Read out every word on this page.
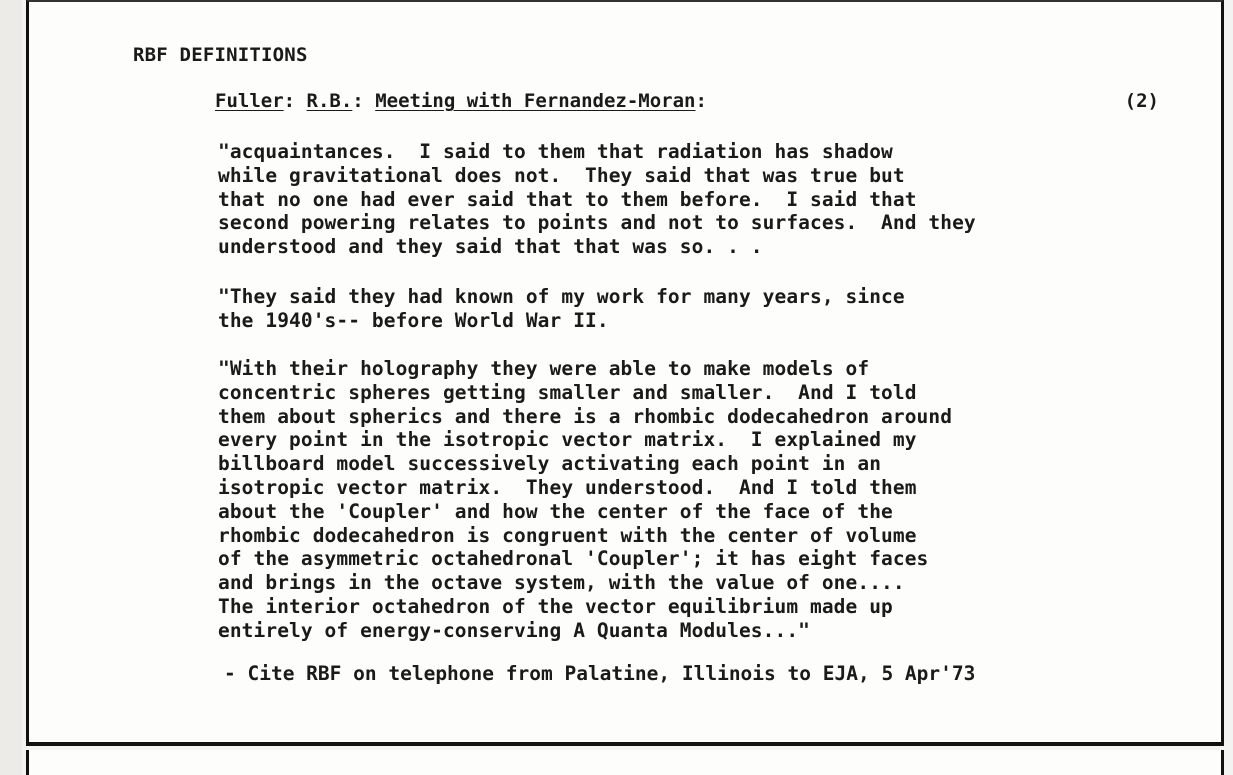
RBF DEFINITIONS
Fuller: R.B.: Meeting with Fernandez-Moran:	(2)
"acquaintances.  I said to them that radiation has shadow
while gravitational does not.  They said that was true but
that no one had ever said that to them before.  I said that
second powering relates to points and not to surfaces.  And they
understood and they said that that was so. . .
"They said they had known of my work for many years, since
the 1940's-- before World War II.
"With their holography they were able to make models of
concentric spheres getting smaller and smaller.  And I told
them about spherics and there is a rhombic dodecahedron around
every point in the isotropic vector matrix.  I explained my
billboard model successively activating each point in an
isotropic vector matrix.  They understood.  And I told them
about the 'Coupler' and how the center of the face of the
rhombic dodecahedron is congruent with the center of volume
of the asymmetric octahedronal 'Coupler'; it has eight faces
and brings in the octave system, with the value of one....
The interior octahedron of the vector equilibrium made up
entirely of energy-conserving A Quanta Modules..."
- Cite RBF on telephone from Palatine, Illinois to EJA, 5 Apr'73
